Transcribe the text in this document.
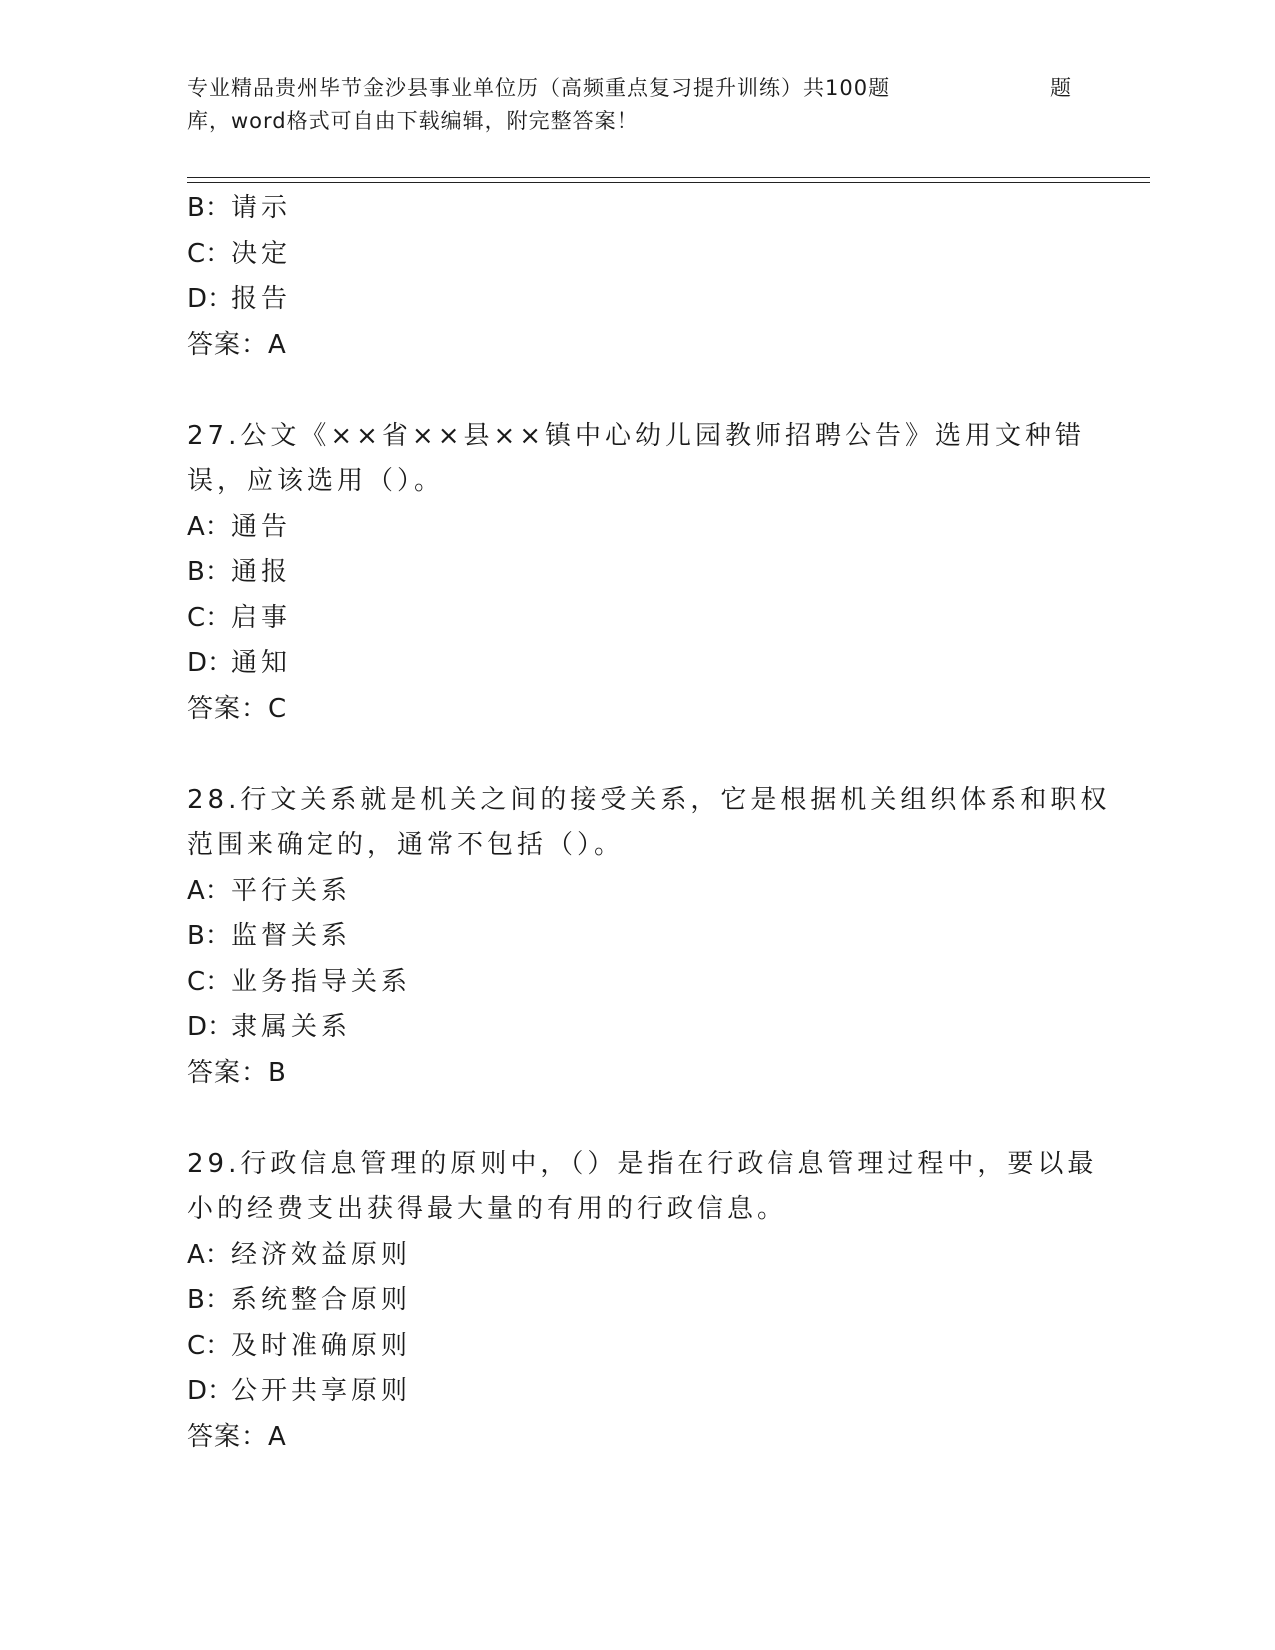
专业精品贵州毕节金沙县事业单位历（高频重点复习提升训练）共100题
库，word格式可自由下载编辑，附完整答案！
题
B： 请示
C： 决定
D：
报告
答案：A
27.公文《××省××县××镇中心幼儿园教师招聘公告》选用文种错
误，应该选用（）。
A： 通告
B： 通报
C： 启事
D：
通知
答案：C
28.行文关系就是机关之间的接受关系，它是根据机关组织体系和职权
范围来确定的，通常不包括（）。
A： 平行关系
B： 监督关系
C： 业务指导关系
D：
隶属关系
答案：B
29.行政信息管理的原则中，（）是指在行政信息管理过程中，要以最
小的经费支出获得最大量的有用的行政信息。
A： 经济效益原则
B： 系统整合原则
C： 及时准确原则
D：
公开共享原则
答案：A
